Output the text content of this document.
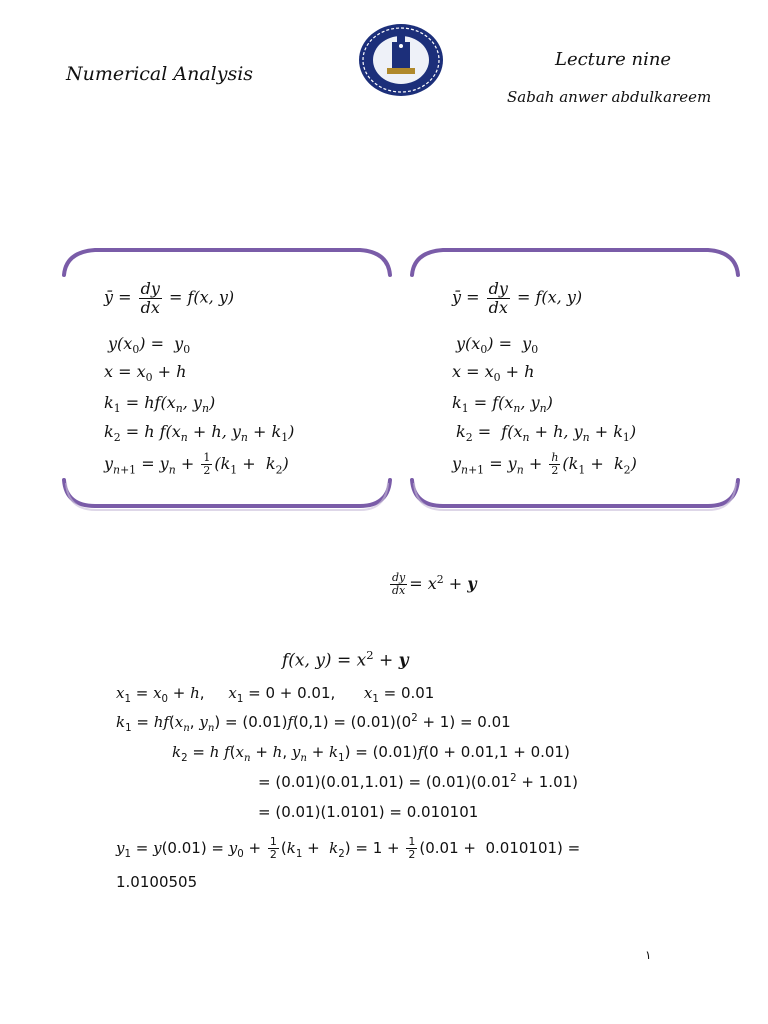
Numerical Analysis
Lecture nine
Sabah anwer abdulkareem
ȳ = $\frac{dy}{dx} = f(x$, y)
$y(x_0) = y_0$
$x = x_0 + h$
$k_1 = hf(x_n$, $y_n$)
$k_2 = h$ $f(x_n + h$, $y_n + k_1$)
$y_{n+1} = y_n + \frac{1}{2} (k_1 + k_2)$
ȳ = $\frac{dy}{dx} = f(x$, y)
$y(x_0) = y_0$
$x = x_0 + h$
$k_1 = f(x_n$, $y_n$)
$k_2 = f(x_n + h$, $y_n + k_1$)
$y_{n+1} = y_n + \frac{h}{2} (k_1 + k_2)$
$\frac{dy}{dx} = x^2 + y$
f(x, $y) = x^2 + y$
$x_1 = x_0 + h$,     $x_1 = 0 + 0.01$,      $x_1 = 0.01$
$k_1 = hf(x_n$, $y_n) = (0.01)f(0,1) = (0.01)(0^2 + 1) = 0.01$
$k_2 = h$ $f(x_n + h$, $y_n + k_1) = (0.01)f(0 + 0.01,1 + 0.01)$
= $(0.01)(0.01,1.01) = (0.01)(0.01^2 + 1.01)$
= (0.01)(1.0101) = 0.010101
$y_1 = y(0.01) = y_0 + \frac{1}{2} (k_1 + k_2) = 1 + \frac{1}{2} (0.01 + 0.010101)$ =
1.0100505
١
